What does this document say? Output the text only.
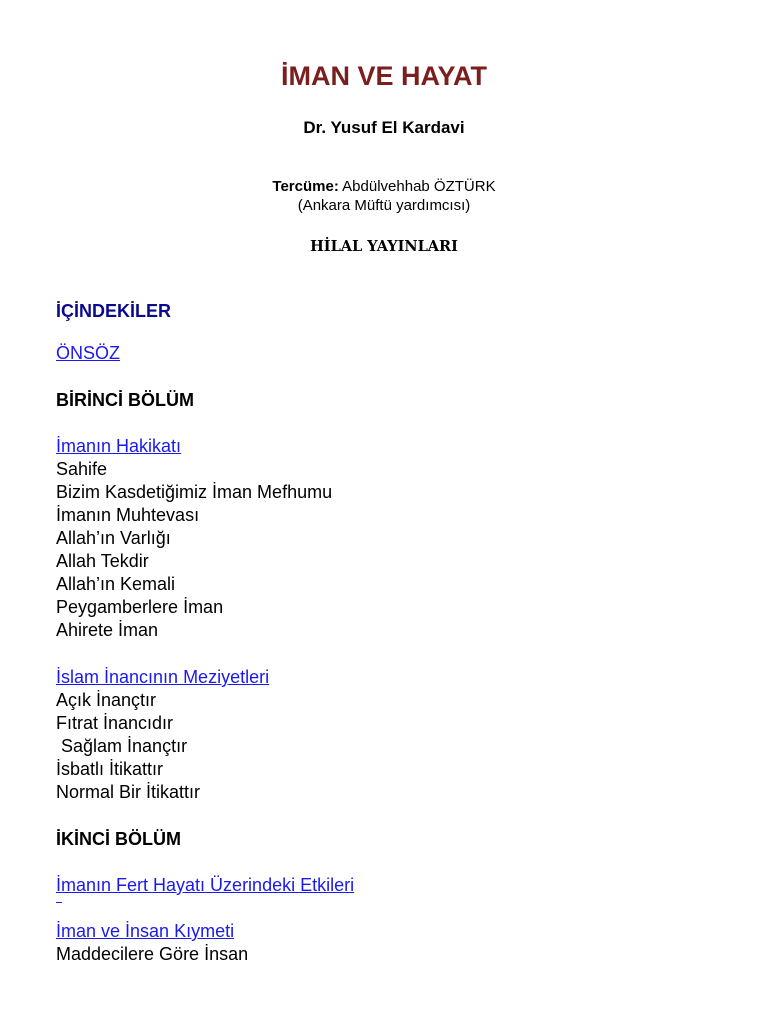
İMAN VE HAYAT
Dr. Yusuf El Kardavi
Tercüme: Abdülvehhab ÖZTÜRK
(Ankara Müftü yardımcısı)
HİLAL YAYINLARI
İÇİNDEKİLER
ÖNSÖZ
BİRİNCİ BÖLÜM
İmanın Hakikatı
Sahife
Bizim Kasdetiğimiz İman Mefhumu
İmanın Muhtevası
Allah’ın Varlığı
Allah Tekdir
Allah’ın Kemali
Peygamberlere İman
Ahirete İman
İslam İnancının Meziyetleri
Açık İnançtır
Fıtrat İnancıdır
Sağlam İnançtır
İsbatlı İtikattır
Normal Bir İtikattır
İKİNCİ BÖLÜM
İmanın Fert Hayatı Üzerindeki Etkileri
İman ve İnsan Kıymeti
Maddecilere Göre İnsan
